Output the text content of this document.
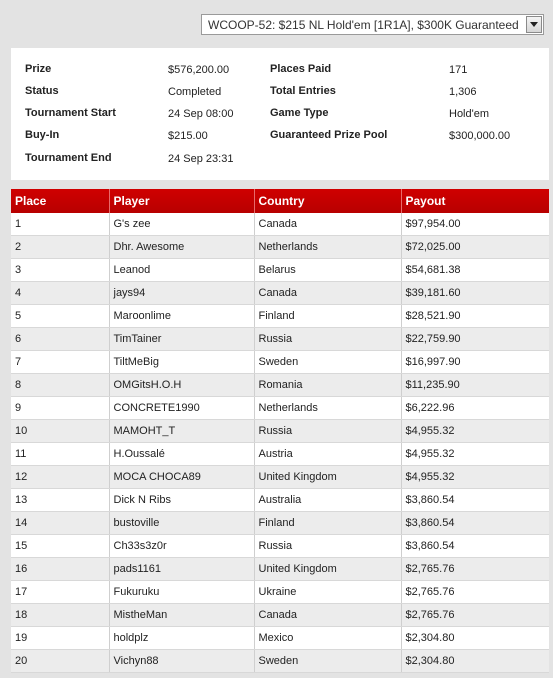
WCOOP-52: $215 NL Hold'em [1R1A], $300K Guaranteed
Prize	$576,200.00
Status	Completed
Tournament Start	24 Sep 08:00
Buy-In	$215.00
Tournament End	24 Sep 23:31
Places Paid	171
Total Entries	1,306
Game Type	Hold'em
Guaranteed Prize Pool	$300,000.00
Place	Player	Country	Payout
1	G's zee	Canada	$97,954.00
2	Dhr. Awesome	Netherlands	$72,025.00
3	Leanod	Belarus	$54,681.38
4	jays94	Canada	$39,181.60
5	Maroonlime	Finland	$28,521.90
6	TimTainer	Russia	$22,759.90
7	TiltMeBig	Sweden	$16,997.90
8	OMGitsH.O.H	Romania	$11,235.90
9	CONCRETE1990	Netherlands	$6,222.96
10	MAMOHT_T	Russia	$4,955.32
11	H.Oussalé	Austria	$4,955.32
12	MOCA CHOCA89	United Kingdom	$4,955.32
13	Dick N Ribs	Australia	$3,860.54
14	bustoville	Finland	$3,860.54
15	Ch33s3z0r	Russia	$3,860.54
16	pads1161	United Kingdom	$2,765.76
17	Fukuruku	Ukraine	$2,765.76
18	MistheMan	Canada	$2,765.76
19	holdplz	Mexico	$2,304.80
20	Vichyn88	Sweden	$2,304.80
